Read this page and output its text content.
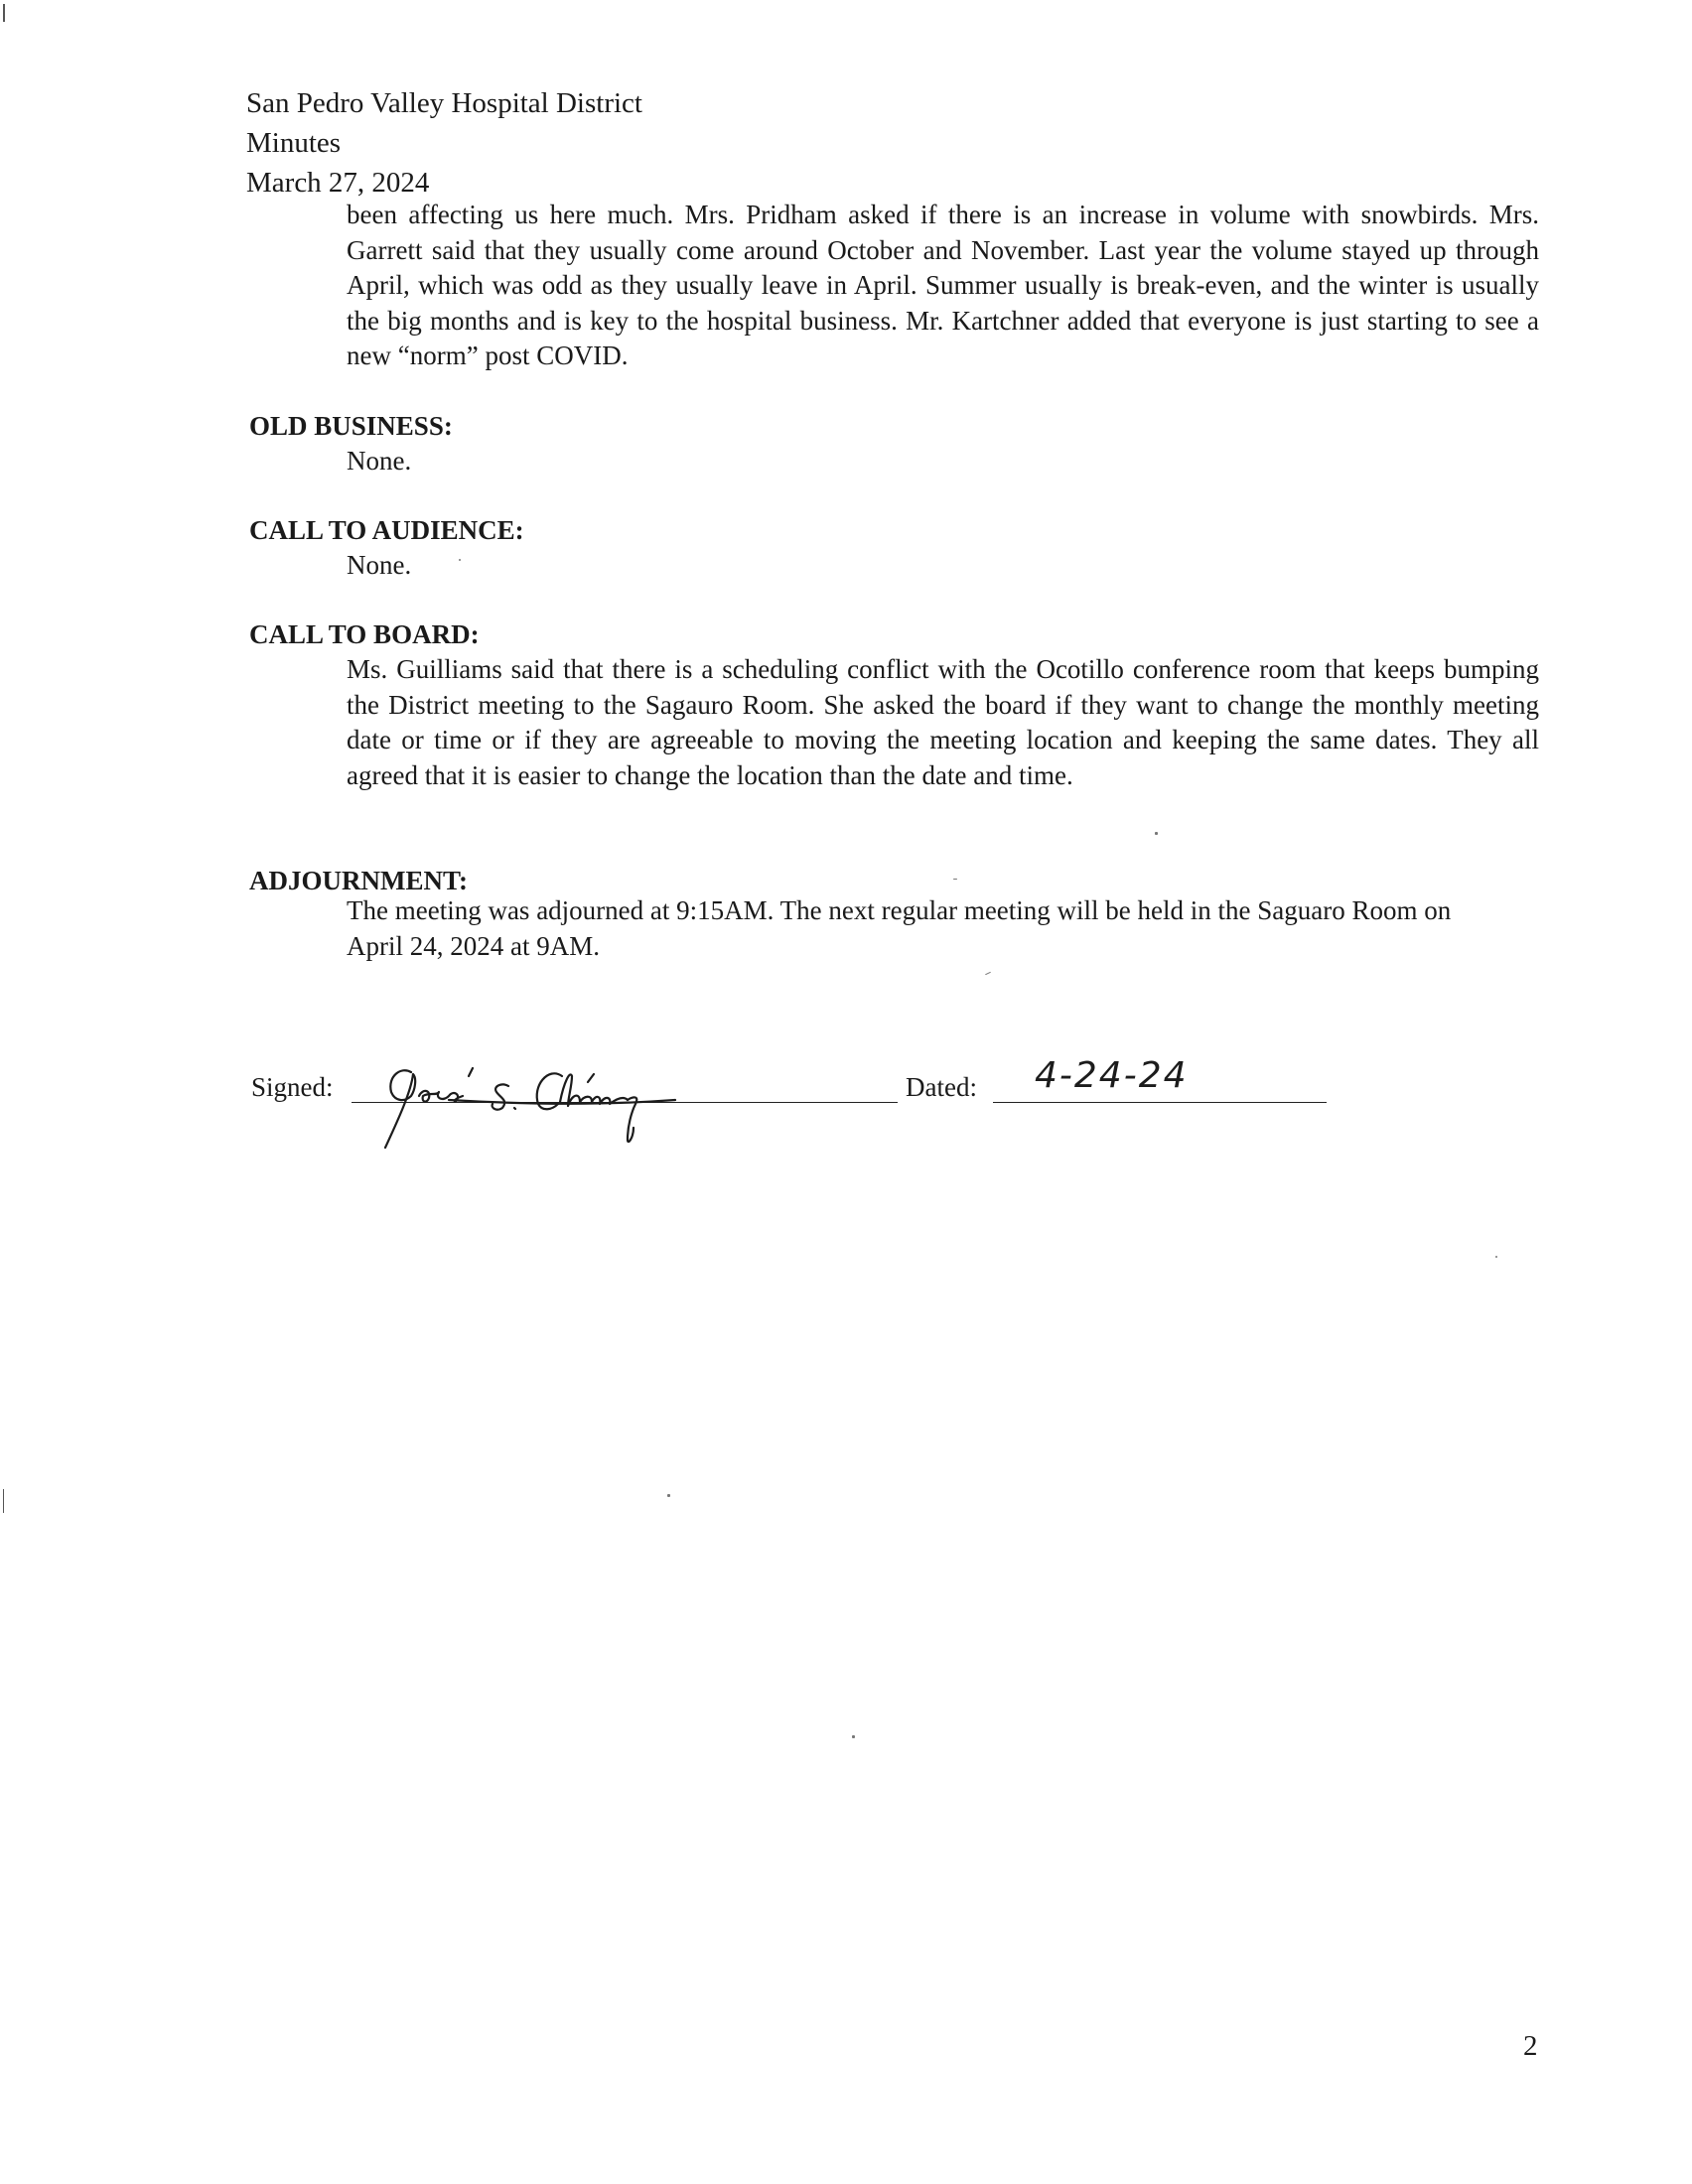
San Pedro Valley Hospital District
Minutes
March 27, 2024
been affecting us here much. Mrs. Pridham asked if there is an increase in volume with snowbirds. Mrs. Garrett said that they usually come around October and November. Last year the volume stayed up through April, which was odd as they usually leave in April. Summer usually is break-even, and the winter is usually the big months and is key to the hospital business. Mr. Kartchner added that everyone is just starting to see a new “norm” post COVID.
OLD BUSINESS:
None.
CALL TO AUDIENCE:
None.
CALL TO BOARD:
Ms. Guilliams said that there is a scheduling conflict with the Ocotillo conference room that keeps bumping the District meeting to the Sagauro Room. She asked the board if they want to change the monthly meeting date or time or if they are agreeable to moving the meeting location and keeping the same dates. They all agreed that it is easier to change the location than the date and time.
ADJOURNMENT:
The meeting was adjourned at 9:15AM. The next regular meeting will be held in the Saguaro Room on April 24, 2024 at 9AM.
Signed:	Dated: 4-24-24
2
